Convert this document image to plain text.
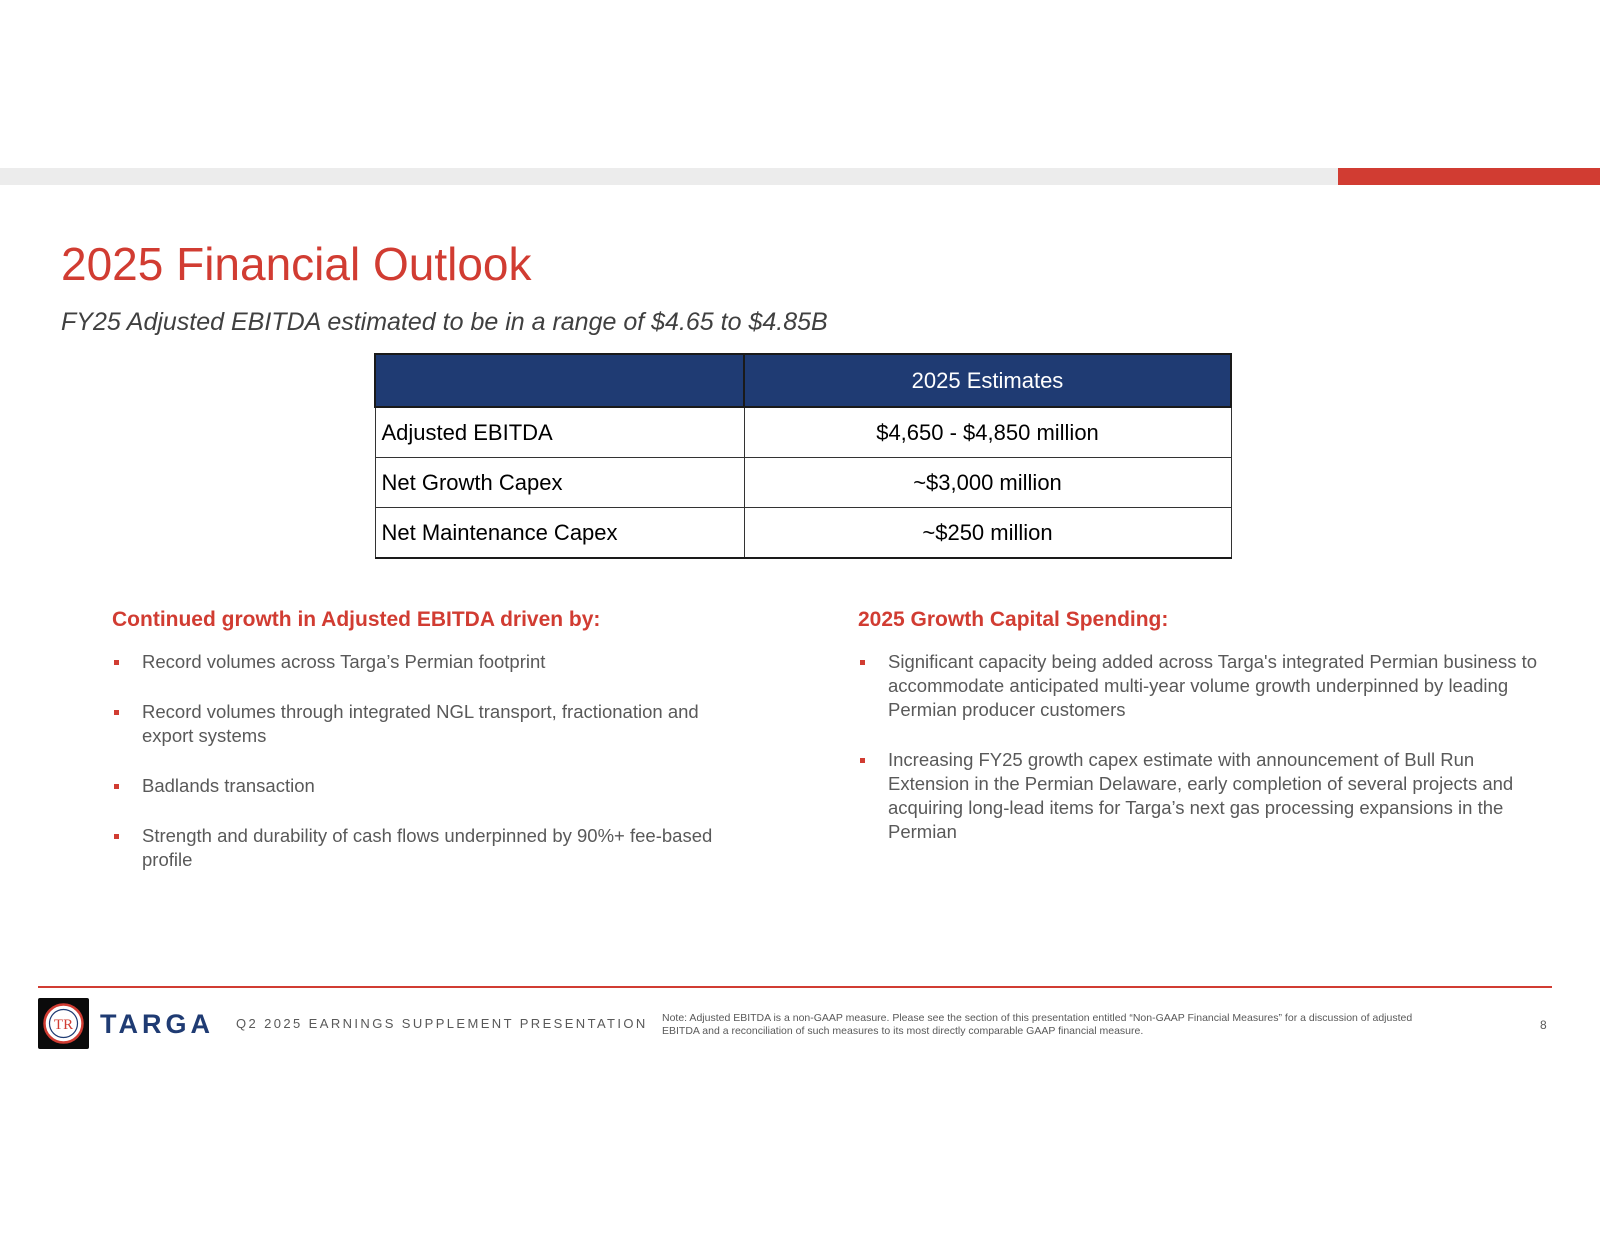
2025 Financial Outlook

FY25 Adjusted EBITDA estimated to be in a range of $4.65 to $4.85B

	2025 Estimates
Adjusted EBITDA	$4,650 - $4,850 million
Net Growth Capex	~$3,000 million
Net Maintenance Capex	~$250 million
Continued growth in Adjusted EBITDA driven by:
Record volumes across Targa’s Permian footprint
Record volumes through integrated NGL transport, fractionation and export systems
Badlands transaction
Strength and durability of cash flows underpinned by 90%+ fee-based profile
2025 Growth Capital Spending:
Significant capacity being added across Targa's integrated Permian business to accommodate anticipated multi-year volume growth underpinned by leading Permian producer customers
Increasing FY25 growth capex estimate with announcement of Bull Run Extension in the Permian Delaware, early completion of several projects and acquiring long-lead items for Targa’s next gas processing expansions in the Permian
TR TARGA Q2 2025 EARNINGS SUPPLEMENT PRESENTATION Note: Adjusted EBITDA is a non-GAAP measure. Please see the section of this presentation entitled “Non-GAAP Financial Measures” for a discussion of adjusted EBITDA and a reconciliation of such measures to its most directly comparable GAAP financial measure.	8
